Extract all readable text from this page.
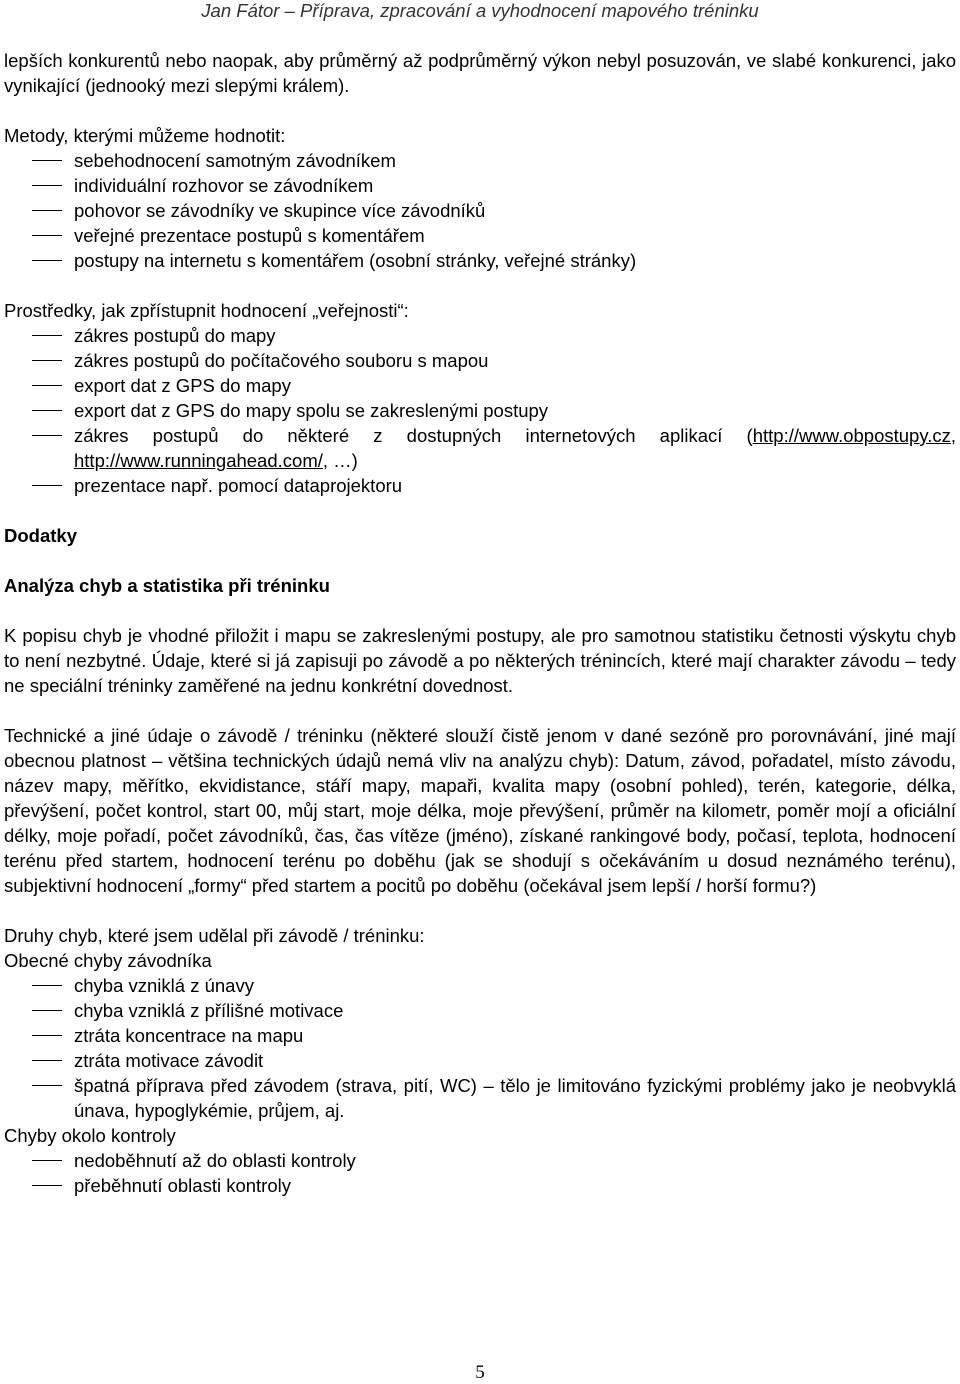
Jan Fátor – Příprava, zpracování a vyhodnocení mapového tréninku

lepších konkurentů nebo naopak, aby průměrný až podprůměrný výkon nebyl posuzován, ve slabé konkurenci, jako vynikající (jednooký mezi slepými králem).

Metody, kterými můžeme hodnotit:

sebehodnocení samotným závodníkem
individuální rozhovor se závodníkem
pohovor se závodníky ve skupince více závodníků
veřejné prezentace postupů s komentářem
postupy na internetu s komentářem (osobní stránky, veřejné stránky)

Prostředky, jak zpřístupnit hodnocení „veřejnosti“:

zákres postupů do mapy
zákres postupů do počítačového souboru s mapou
export dat z GPS do mapy
export dat z GPS do mapy spolu se zakreslenými postupy
zákres postupů do některé z dostupných internetových aplikací (http://www.obpostupy.cz, http://www.runningahead.com/, …)
prezentace např. pomocí dataprojektoru

Dodatky

Analýza chyb a statistika při tréninku

K popisu chyb je vhodné přiložit i mapu se zakreslenými postupy, ale pro samotnou statistiku četnosti výskytu chyb to není nezbytné. Údaje, které si já zapisuji po závodě a po některých trénincích, které mají charakter závodu – tedy ne speciální tréninky zaměřené na jednu konkrétní dovednost.

Technické a jiné údaje o závodě / tréninku (některé slouží čistě jenom v dané sezóně pro porovnávání, jiné mají obecnou platnost – většina technických údajů nemá vliv na analýzu chyb): Datum, závod, pořadatel, místo závodu, název mapy, měřítko, ekvidistance, stáří mapy, mapaři, kvalita mapy (osobní pohled), terén, kategorie, délka, převýšení, počet kontrol, start 00, můj start, moje délka, moje převýšení, průměr na kilometr, poměr mojí a oficiální délky, moje pořadí, počet závodníků, čas, čas vítěze (jméno), získané rankingové body, počasí, teplota, hodnocení terénu před startem, hodnocení terénu po doběhu (jak se shodují s očekáváním u dosud neznámého terénu), subjektivní hodnocení „formy“ před startem a pocitů po doběhu (očekával jsem lepší / horší formu?)

Druhy chyb, které jsem udělal při závodě / tréninku:

Obecné chyby závodníka

chyba vzniklá z únavy
chyba vzniklá z přílišné motivace
ztráta koncentrace na mapu
ztráta motivace závodit
špatná příprava před závodem (strava, pití, WC) – tělo je limitováno fyzickými problémy jako je neobvyklá únava, hypoglykémie, průjem, aj.

Chyby okolo kontroly

nedoběhnutí až do oblasti kontroly
přeběhnutí oblasti kontroly
5
